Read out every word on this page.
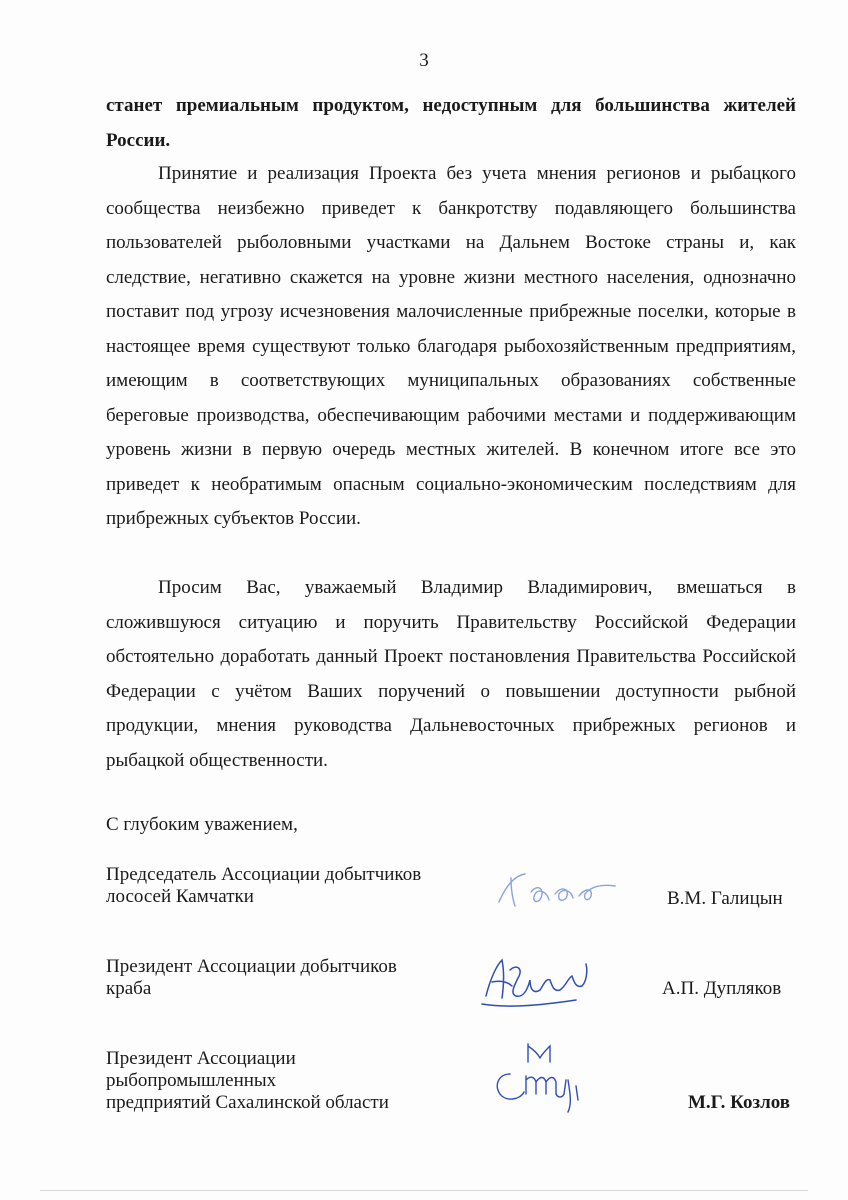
3

станет премиальным продуктом, недоступным для большинства жителей России.

Принятие и реализация Проекта без учета мнения регионов и рыбацкого сообщества неизбежно приведет к банкротству подавляющего большинства пользователей рыболовными участками на Дальнем Востоке страны и, как следствие, негативно скажется на уровне жизни местного населения, однозначно поставит под угрозу исчезновения малочисленные прибрежные поселки, которые в настоящее время существуют только благодаря рыбохозяйственным предприятиям, имеющим в соответствующих муниципальных образованиях собственные береговые производства, обеспечивающим рабочими местами и поддерживающим уровень жизни в первую очередь местных жителей. В конечном итоге все это приведет к необратимым опасным социально-экономическим последствиям для прибрежных субъектов России.

Просим Вас, уважаемый Владимир Владимирович, вмешаться в сложившуюся ситуацию и поручить Правительству Российской Федерации обстоятельно доработать данный Проект постановления Правительства Российской Федерации с учётом Ваших поручений о повышении доступности рыбной продукции, мнения руководства Дальневосточных прибрежных регионов и рыбацкой общественности.

С глубоким уважением,
Председатель Ассоциации добытчиков
лососей Камчатки	В.М. Галицын
Президент Ассоциации добытчиков
краба	А.П. Дупляков
Президент Ассоциации
рыбопромышленных
предприятий Сахалинской области	М.Г. Козлов
